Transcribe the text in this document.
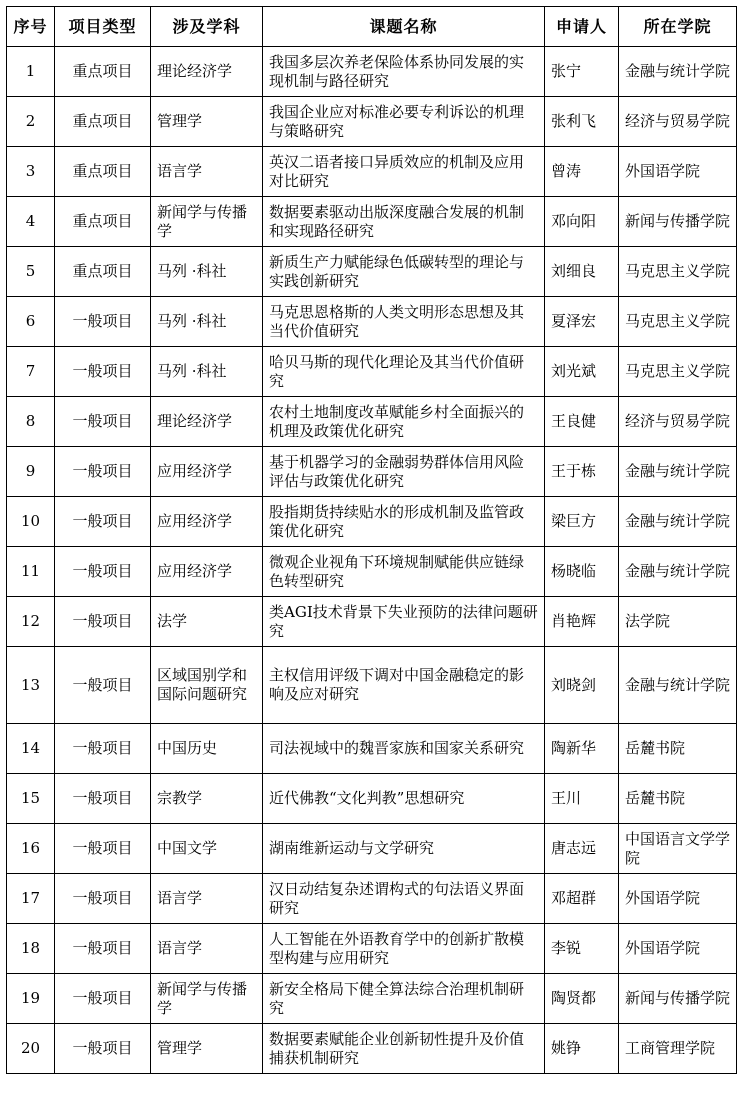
序号	项目类型	涉及学科	课题名称	申请人	所在学院
1	重点项目	理论经济学	我国多层次养老保险体系协同发展的实现机制与路径研究	张宁	金融与统计学院
2	重点项目	管理学	我国企业应对标准必要专利诉讼的机理与策略研究	张利飞	经济与贸易学院
3	重点项目	语言学	英汉二语者接口异质效应的机制及应用对比研究	曾涛	外国语学院
4	重点项目	新闻学与传播学	数据要素驱动出版深度融合发展的机制和实现路径研究	邓向阳	新闻与传播学院
5	重点项目	马列 ·科社	新质生产力赋能绿色低碳转型的理论与实践创新研究	刘细良	马克思主义学院
6	一般项目	马列 ·科社	马克思恩格斯的人类文明形态思想及其当代价值研究	夏泽宏	马克思主义学院
7	一般项目	马列 ·科社	哈贝马斯的现代化理论及其当代价值研究	刘光斌	马克思主义学院
8	一般项目	理论经济学	农村土地制度改革赋能乡村全面振兴的机理及政策优化研究	王良健	经济与贸易学院
9	一般项目	应用经济学	基于机器学习的金融弱势群体信用风险评估与政策优化研究	王于栋	金融与统计学院
10	一般项目	应用经济学	股指期货持续贴水的形成机制及监管政策优化研究	梁巨方	金融与统计学院
11	一般项目	应用经济学	微观企业视角下环境规制赋能供应链绿色转型研究	杨晓临	金融与统计学院
12	一般项目	法学	类AGI技术背景下失业预防的法律问题研究	肖艳辉	法学院
13	一般项目	区域国别学和国际问题研究	主权信用评级下调对中国金融稳定的影响及应对研究	刘晓剑	金融与统计学院
14	一般项目	中国历史	司法视域中的魏晋家族和国家关系研究	陶新华	岳麓书院
15	一般项目	宗教学	近代佛教“文化判教”思想研究	王川	岳麓书院
16	一般项目	中国文学	湖南维新运动与文学研究	唐志远	中国语言文学学院
17	一般项目	语言学	汉日动结复杂述谓构式的句法语义界面研究	邓超群	外国语学院
18	一般项目	语言学	人工智能在外语教育学中的创新扩散模型构建与应用研究	李锐	外国语学院
19	一般项目	新闻学与传播学	新安全格局下健全算法综合治理机制研究	陶贤都	新闻与传播学院
20	一般项目	管理学	数据要素赋能企业创新韧性提升及价值捕获机制研究	姚铮	工商管理学院
